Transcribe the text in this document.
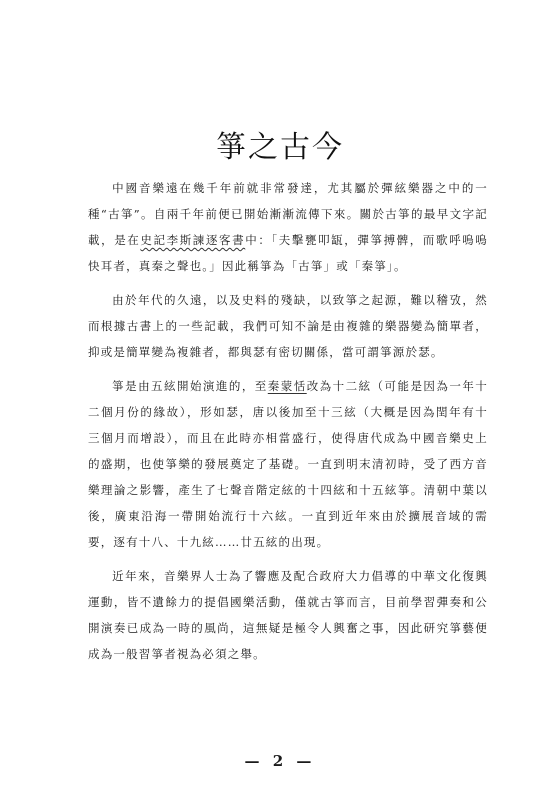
箏之古今

中國音樂遠在幾千年前就非常發達，尤其屬於彈絃樂器之中的一種“古箏”。自兩千年前便已開始漸漸流傳下來。關於古箏的最早文字記載，是在史記李斯諫逐客書中：「夫擊甕叩缻，彈箏搏髀，而歌呼嗚嗚快耳者，真秦之聲也。」因此稱箏為「古箏」或「秦箏」。

由於年代的久遠，以及史料的殘缺，以致箏之起源，難以稽攷，然而根據古書上的一些記載，我們可知不論是由複雜的樂器變為簡單者，抑或是簡單變為複雜者，都與瑟有密切關係，當可謂箏源於瑟。

箏是由五絃開始演進的，至秦蒙恬改為十二絃（可能是因為一年十二個月份的緣故），形如瑟，唐以後加至十三絃（大概是因為閏年有十三個月而增設），而且在此時亦相當盛行，使得唐代成為中國音樂史上的盛期，也使箏樂的發展奠定了基礎。一直到明末清初時，受了西方音樂理論之影響，產生了七聲音階定絃的十四絃和十五絃箏。清朝中葉以後，廣東沿海一帶開始流行十六絃。一直到近年來由於擴展音域的需要，逐有十八、十九絃……廿五絃的出現。

近年來，音樂界人士為了響應及配合政府大力倡導的中華文化復興運動，皆不遺餘力的提倡國樂活動，僅就古箏而言，目前學習彈奏和公開演奏已成為一時的風尚，這無疑是極令人興奮之事，因此研究箏藝便成為一般習箏者視為必須之舉。

— 2 —
